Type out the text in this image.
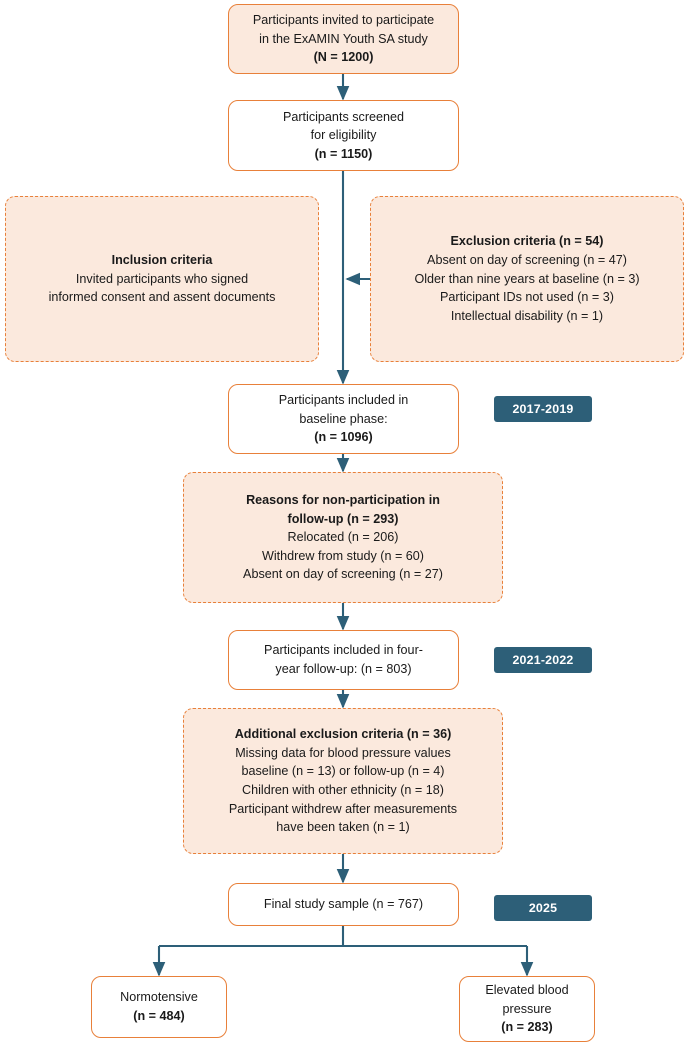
Participants invited to participate
in the ExAMIN Youth SA study
(N = 1200)
Participants screened
for eligibility
(n = 1150)
Inclusion criteria
Invited participants who signed
informed consent and assent documents
Exclusion criteria (n = 54)
Absent on day of screening (n = 47)
Older than nine years at baseline (n = 3)
Participant IDs not used (n = 3)
Intellectual disability (n = 1)
Participants included in
baseline phase:
(n = 1096)
2017-2019
Reasons for non-participation in
follow-up (n = 293)
Relocated (n = 206)
Withdrew from study (n = 60)
Absent on day of screening (n = 27)
Participants included in four-
year follow-up: (n = 803)
2021-2022
Additional exclusion criteria (n = 36)
Missing data for blood pressure values
baseline (n = 13) or follow-up (n = 4)
Children with other ethnicity (n = 18)
Participant withdrew after measurements
have been taken (n = 1)
Final study sample (n = 767)	2025
Normotensive
(n = 484)
Elevated blood
pressure
(n = 283)
